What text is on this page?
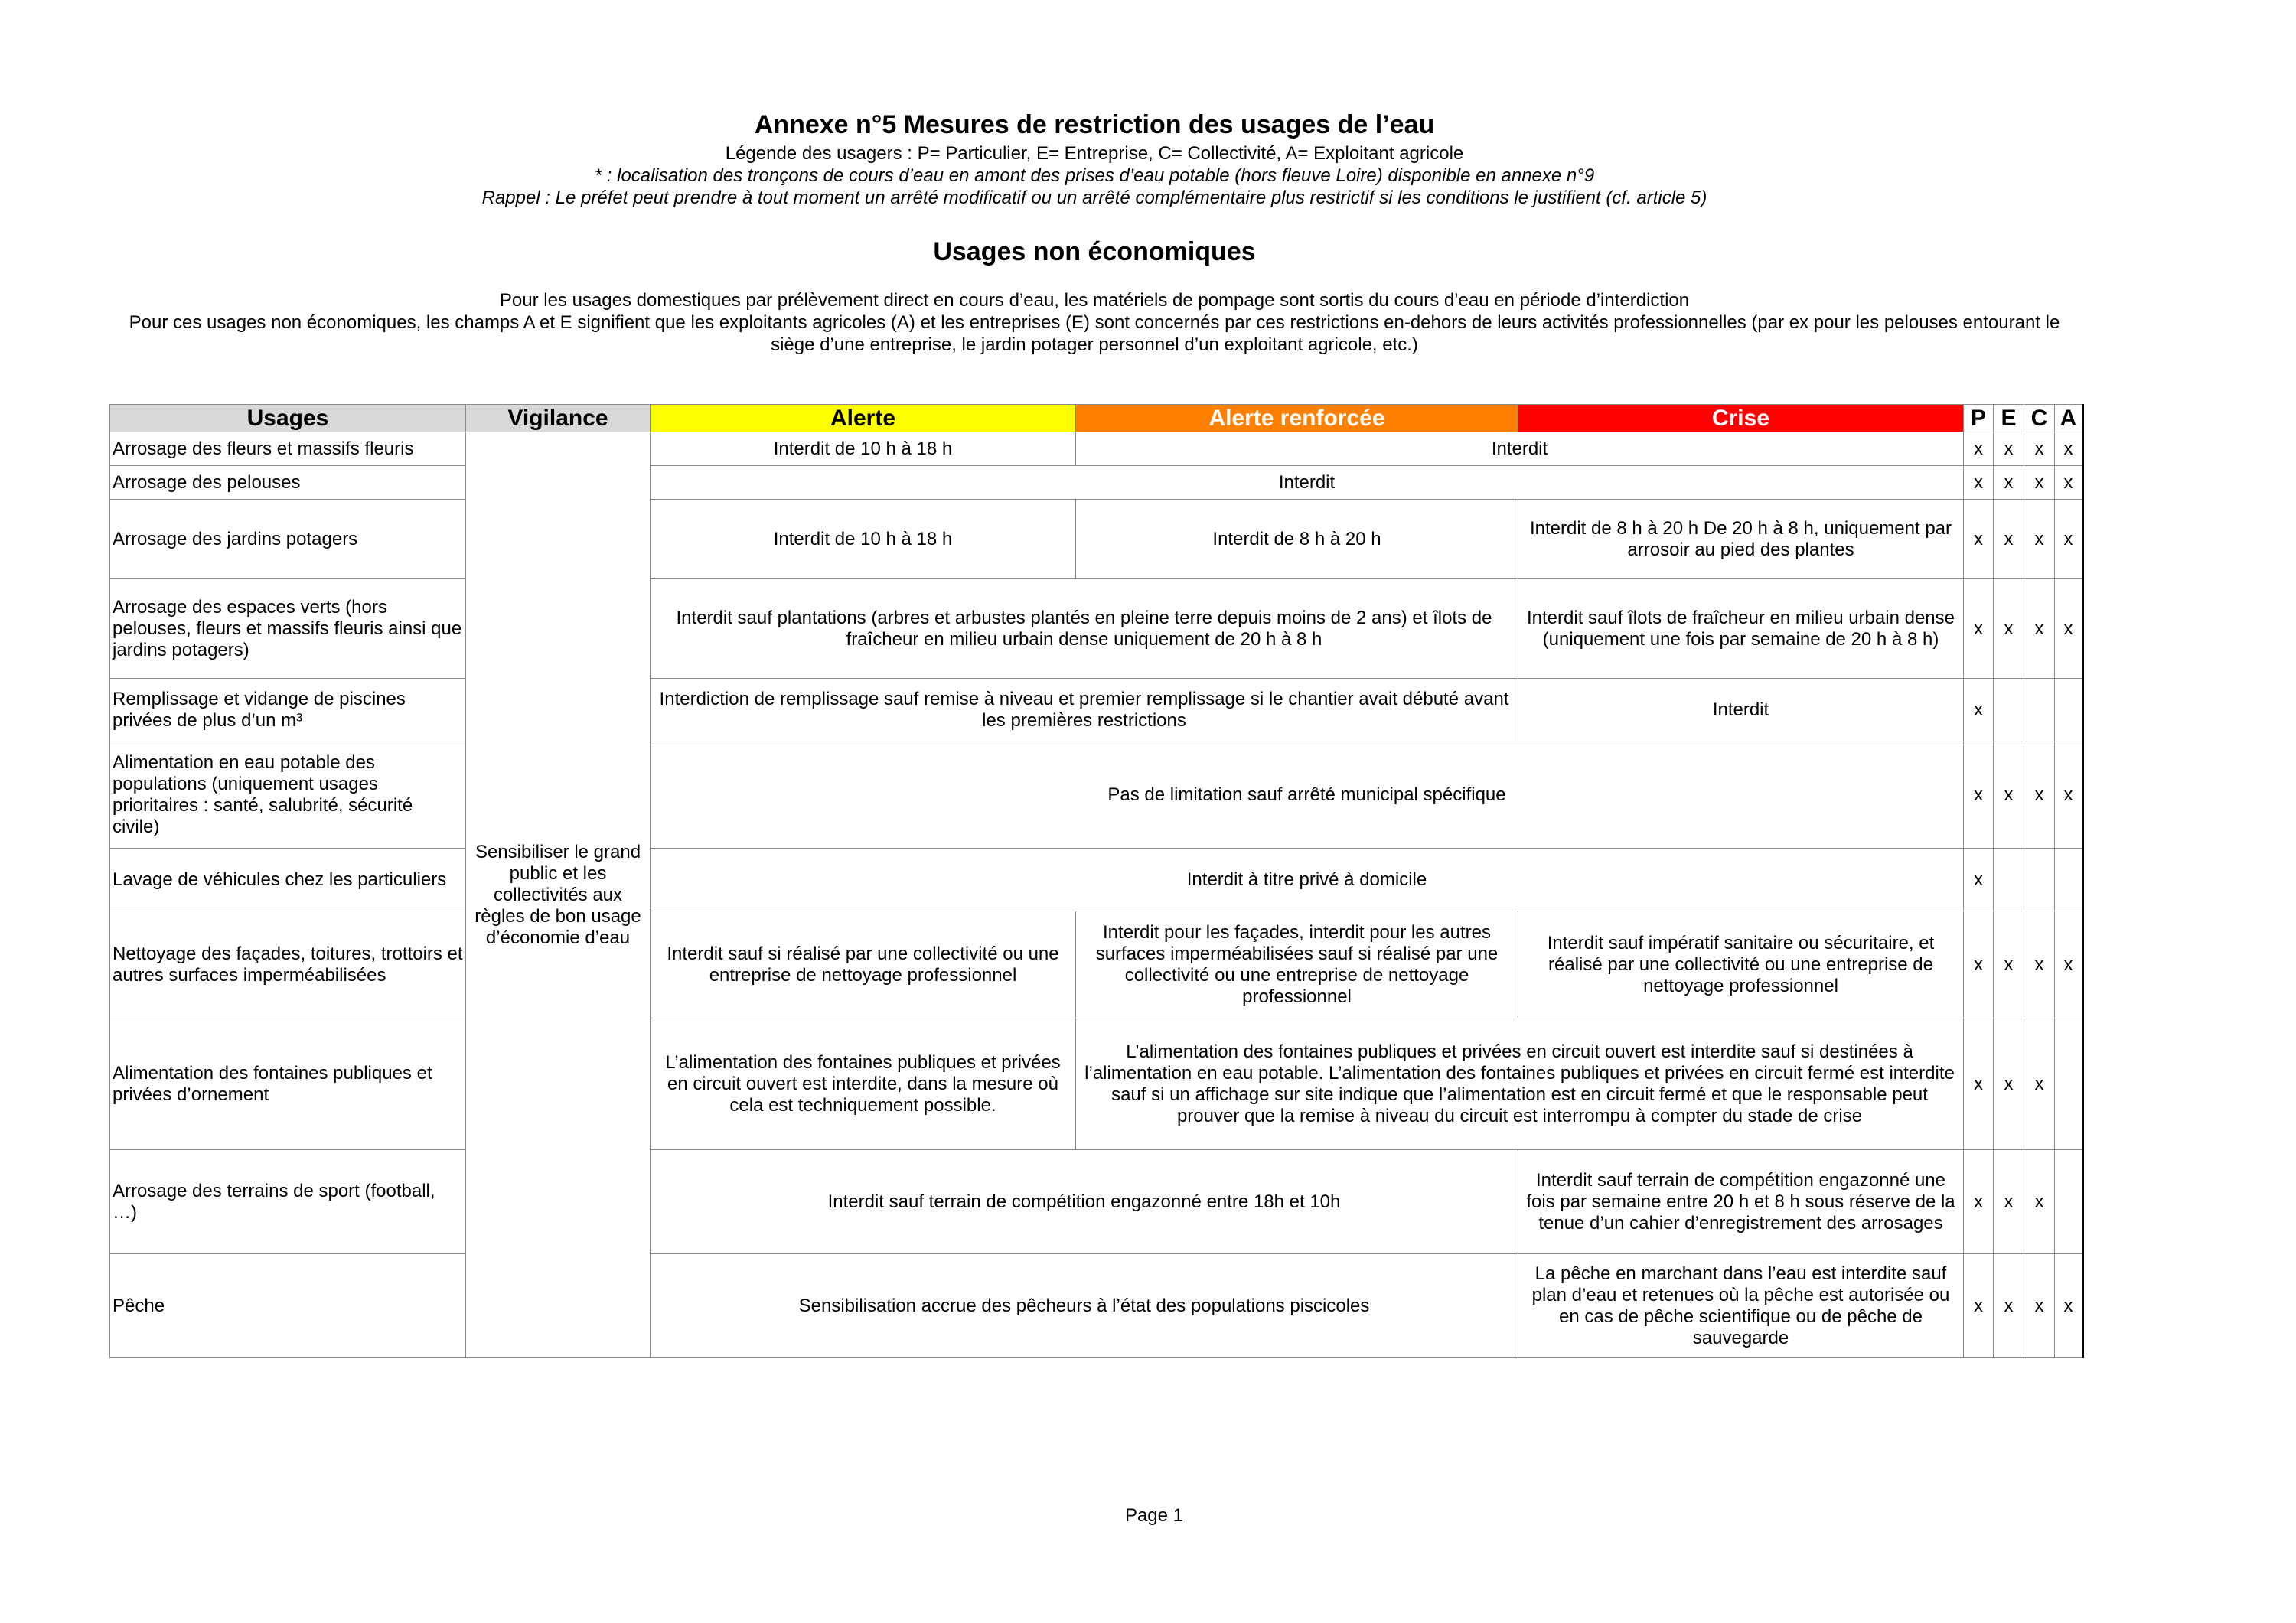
Annexe n°5 Mesures de restriction des usages de l’eau
Légende des usagers : P= Particulier, E= Entreprise, C= Collectivité, A= Exploitant agricole
* : localisation des tronçons de cours d’eau en amont des prises d’eau potable (hors fleuve Loire) disponible en annexe n°9
Rappel : Le préfet peut prendre à tout moment un arrêté modificatif ou un arrêté complémentaire plus restrictif si les conditions le justifient (cf. article 5)
Usages non économiques
Pour les usages domestiques par prélèvement direct en cours d’eau, les matériels de pompage sont sortis du cours d’eau en période d’interdiction
Pour ces usages non économiques, les champs A et E signifient que les exploitants agricoles (A) et les entreprises (E) sont concernés par ces restrictions en-dehors de leurs activités professionnelles (par ex pour les pelouses entourant le siège d’une entreprise, le jardin potager personnel d’un exploitant agricole, etc.)
Usages	Vigilance	Alerte	Alerte renforcée	Crise	P	E	C	A
Arrosage des fleurs et massifs fleuris	Sensibiliser le grand public et les collectivités aux règles de bon usage d’économie d’eau	Interdit de 10 h à 18 h	Interdit		x	x	x	x
Arrosage des pelouses		Interdit			x	x	x	x
Arrosage des jardins potagers		Interdit de 10 h à 18 h	Interdit de 8 h à 20 h	Interdit de 8 h à 20 h De 20 h à 8 h, uniquement par arrosoir au pied des plantes	x	x	x	x
Arrosage des espaces verts (hors pelouses, fleurs et massifs fleuris ainsi que jardins potagers)		Interdit sauf plantations (arbres et arbustes plantés en pleine terre depuis moins de 2 ans) et îlots de fraîcheur en milieu urbain dense uniquement de 20 h à 8 h		Interdit sauf îlots de fraîcheur en milieu urbain dense (uniquement une fois par semaine de 20 h à 8 h)	x	x	x	x
Remplissage et vidange de piscines privées de plus d’un m³		Interdiction de remplissage sauf remise à niveau et premier remplissage si le chantier avait débuté avant les premières restrictions		Interdit	x			
Alimentation en eau potable des populations (uniquement usages prioritaires : santé, salubrité, sécurité civile)		Pas de limitation sauf arrêté municipal spécifique			x	x	x	x
Lavage de véhicules chez les particuliers		Interdit à titre privé à domicile			x			
Nettoyage des façades, toitures, trottoirs et autres surfaces imperméabilisées		Interdit sauf si réalisé par une collectivité ou une entreprise de nettoyage professionnel	Interdit pour les façades, interdit pour les autres surfaces imperméabilisées sauf si réalisé par une collectivité ou une entreprise de nettoyage professionnel	Interdit sauf impératif sanitaire ou sécuritaire, et réalisé par une collectivité ou une entreprise de nettoyage professionnel	x	x	x	x
Alimentation des fontaines publiques et privées d’ornement		L’alimentation des fontaines publiques et privées en circuit ouvert est interdite, dans la mesure où cela est techniquement possible.	L’alimentation des fontaines publiques et privées en circuit ouvert est interdite sauf si destinées à l’alimentation en eau potable. L’alimentation des fontaines publiques et privées en circuit fermé est interdite sauf si un affichage sur site indique que l’alimentation est en circuit fermé et que le responsable peut prouver que la remise à niveau du circuit est interrompu à compter du stade de crise		x	x	x	
Arrosage des terrains de sport (football, …)		Interdit sauf terrain de compétition engazonné entre 18h et 10h		Interdit sauf terrain de compétition engazonné une fois par semaine entre 20 h et 8 h sous réserve de la tenue d’un cahier d’enregistrement des arrosages	x	x	x	
Pêche		Sensibilisation accrue des pêcheurs à l’état des populations piscicoles		La pêche en marchant dans l’eau est interdite sauf plan d’eau et retenues où la pêche est autorisée ou en cas de pêche scientifique ou de pêche de sauvegarde	x	x	x	x
Page 1
